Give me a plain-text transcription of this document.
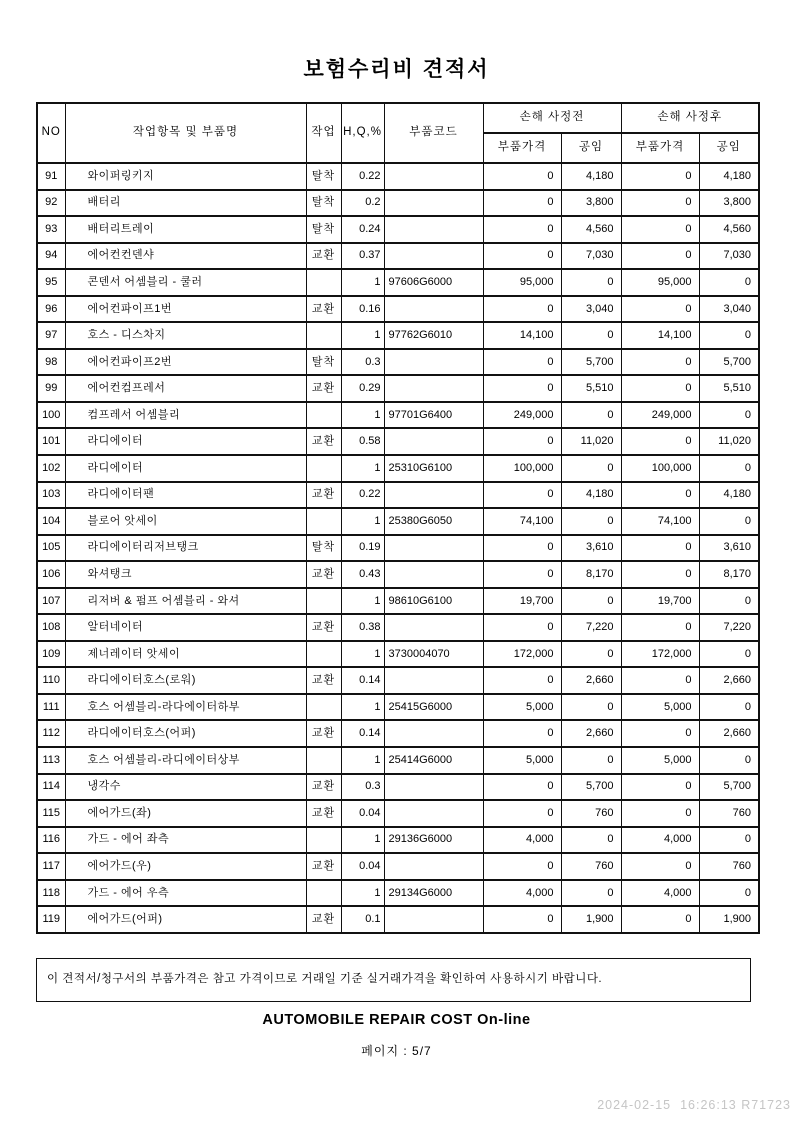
보험수리비 견적서
NO	작업항목 및 부품명	작업	H,Q,%	부품코드	손해 사정전		손해 사정후	
					부품가격	공임	부품가격	공임
91	와이퍼링키지	탈착	0.22		0	4,180	0	4,180
92	배터리	탈착	0.2		0	3,800	0	3,800
93	배터리트레이	탈착	0.24		0	4,560	0	4,560
94	에어컨컨덴샤	교환	0.37		0	7,030	0	7,030
95	콘덴서 어셈블리 - 쿨러		1	97606G6000	95,000	0	95,000	0
96	에어컨파이프1번	교환	0.16		0	3,040	0	3,040
97	호스 - 디스차지		1	97762G6010	14,100	0	14,100	0
98	에어컨파이프2번	탈착	0.3		0	5,700	0	5,700
99	에어컨컴프레서	교환	0.29		0	5,510	0	5,510
100	컴프레서 어셈블리		1	97701G6400	249,000	0	249,000	0
101	라디에이터	교환	0.58		0	11,020	0	11,020
102	라디에이터		1	25310G6100	100,000	0	100,000	0
103	라디에이터팬	교환	0.22		0	4,180	0	4,180
104	블로어 앗세이		1	25380G6050	74,100	0	74,100	0
105	라디에이터리저브탱크	탈착	0.19		0	3,610	0	3,610
106	와셔탱크	교환	0.43		0	8,170	0	8,170
107	리저버 & 펌프 어셈블리 - 와셔		1	98610G6100	19,700	0	19,700	0
108	알터네이터	교환	0.38		0	7,220	0	7,220
109	제너레이터 앗세이		1	3730004070	172,000	0	172,000	0
110	라디에이터호스(로워)	교환	0.14		0	2,660	0	2,660
111	호스 어셈블리-라다에이터하부		1	25415G6000	5,000	0	5,000	0
112	라디에이터호스(어퍼)	교환	0.14		0	2,660	0	2,660
113	호스 어셈블리-라디에이터상부		1	25414G6000	5,000	0	5,000	0
114	냉각수	교환	0.3		0	5,700	0	5,700
115	에어가드(좌)	교환	0.04		0	760	0	760
116	가드 - 에어 좌측		1	29136G6000	4,000	0	4,000	0
117	에어가드(우)	교환	0.04		0	760	0	760
118	가드 - 에어 우측		1	29134G6000	4,000	0	4,000	0
119	에어가드(어퍼)	교환	0.1		0	1,900	0	1,900
이 견적서/청구서의 부품가격은 참고 가격이므로 거래일 기준 실거래가격을 확인하여 사용하시기 바랍니다.
AUTOMOBILE REPAIR COST On-line
페이지 : 5/7
2024-02-15  16:26:13 R71723
